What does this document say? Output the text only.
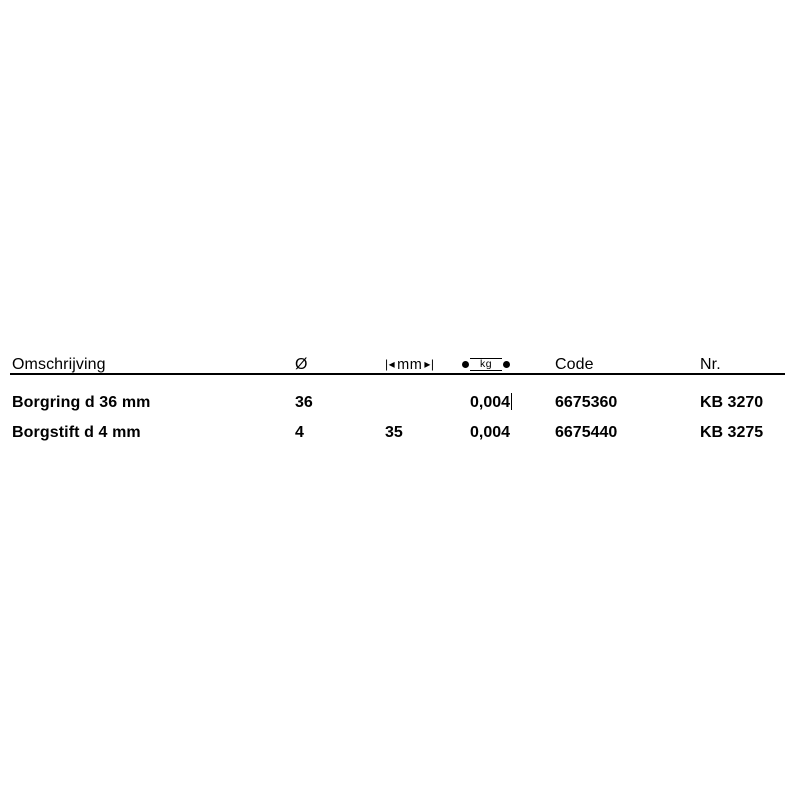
Omschrijving	Ø	|◂ mm ▸|	kg	Code	Nr.
Borgring d 36 mm	36		0,004	6675360	KB 3270
Borgstift d 4 mm	4	35	0,004	6675440	KB 3275
